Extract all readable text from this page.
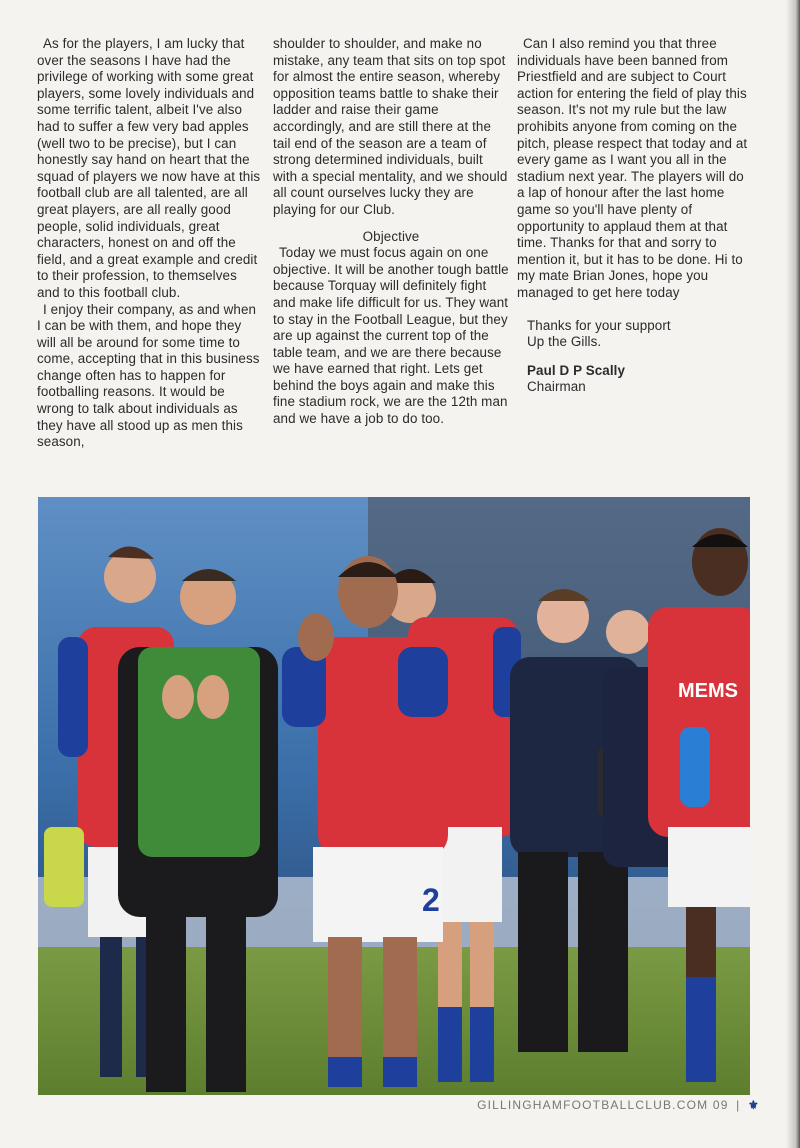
As for the players, I am lucky that over the seasons I have had the privilege of working with some great players, some lovely individuals and some terrific talent, albeit I've also had to suffer a few very bad apples (well two to be precise), but I can honestly say hand on heart that the squad of players we now have at this football club are all talented, are all great players, are all really good people, solid individuals, great characters, honest on and off the field, and a great example and credit to their profession, to themselves and to this football club.

I enjoy their company, as and when I can be with them, and hope they will all be around for some time to come, accepting that in this business change often has to happen for footballing reasons. It would be wrong to talk about individuals as they have all stood up as men this season,

shoulder to shoulder, and make no mistake, any team that sits on top spot for almost the entire season, whereby opposition teams battle to shake their ladder and raise their game accordingly, and are still there at the tail end of the season are a team of strong determined individuals, built with a special mentality, and we should all count ourselves lucky they are playing for our Club.

Objective

Today we must focus again on one objective. It will be another tough battle because Torquay will definitely fight and make life difficult for us. They want to stay in the Football League, but they are up against the current top of the table team, and we are there because we have earned that right. Lets get behind the boys again and make this fine stadium rock, we are the 12th man and we have a job to do too.

Can I also remind you that three individuals have been banned from Priestfield and are subject to Court action for entering the field of play this season. It's not my rule but the law prohibits anyone from coming on the pitch, please respect that today and at every game as I want you all in the stadium next year. The players will do a lap of honour after the last home game so you'll have plenty of opportunity to applaud them at that time. Thanks for that and sorry to mention it, but it has to be done. Hi to my mate Brian Jones, hope you managed to get here today

Thanks for your support

Up the Gills.

Paul D P Scally

Chairman

2
MEMS
GILLINGHAMFOOTBALLCLUB.COM 09 | ⚜
